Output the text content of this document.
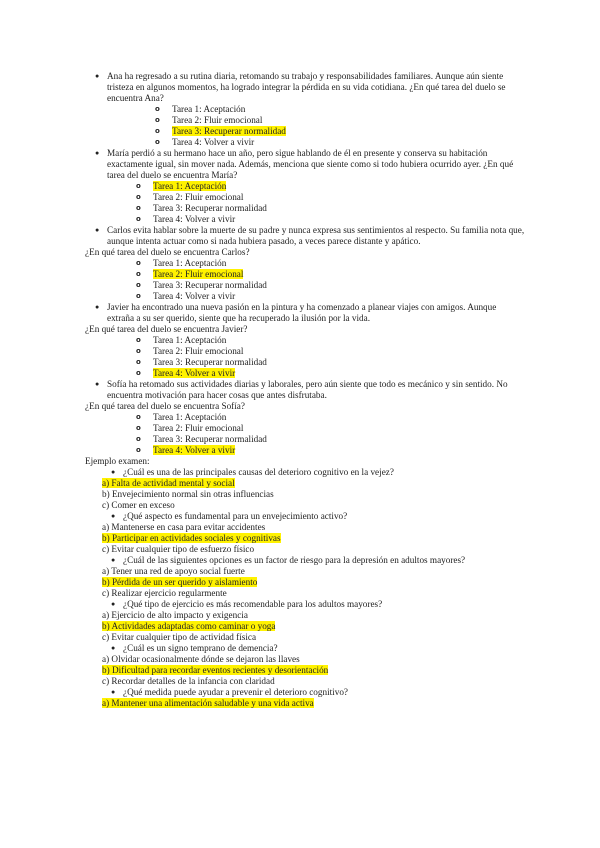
● Ana ha regresado a su rutina diaria, retomando su trabajo y responsabilidades familiares. Aunque aún siente tristeza en algunos momentos, ha logrado integrar la pérdida en su vida cotidiana. ¿En qué tarea del duelo se encuentra Ana?
o Tarea 1: Aceptación
o Tarea 2: Fluir emocional
o Tarea 3: Recuperar normalidad
o Tarea 4: Volver a vivir
● María perdió a su hermano hace un año, pero sigue hablando de él en presente y conserva su habitación exactamente igual, sin mover nada. Además, menciona que siente como si todo hubiera ocurrido ayer. ¿En qué tarea del duelo se encuentra María?
o Tarea 1: Aceptación
o Tarea 2: Fluir emocional
o Tarea 3: Recuperar normalidad
o Tarea 4: Volver a vivir
● Carlos evita hablar sobre la muerte de su padre y nunca expresa sus sentimientos al respecto. Su familia nota que, aunque intenta actuar como si nada hubiera pasado, a veces parece distante y apático.
¿En qué tarea del duelo se encuentra Carlos?
o Tarea 1: Aceptación
o Tarea 2: Fluir emocional
o Tarea 3: Recuperar normalidad
o Tarea 4: Volver a vivir
● Javier ha encontrado una nueva pasión en la pintura y ha comenzado a planear viajes con amigos. Aunque extraña a su ser querido, siente que ha recuperado la ilusión por la vida.
¿En qué tarea del duelo se encuentra Javier?
o Tarea 1: Aceptación
o Tarea 2: Fluir emocional
o Tarea 3: Recuperar normalidad
o Tarea 4: Volver a vivir
● Sofía ha retomado sus actividades diarias y laborales, pero aún siente que todo es mecánico y sin sentido. No encuentra motivación para hacer cosas que antes disfrutaba.
¿En qué tarea del duelo se encuentra Sofía?
o Tarea 1: Aceptación
o Tarea 2: Fluir emocional
o Tarea 3: Recuperar normalidad
o Tarea 4: Volver a vivir
Ejemplo examen:
● ¿Cuál es una de las principales causas del deterioro cognitivo en la vejez?
a) Falta de actividad mental y social
b) Envejecimiento normal sin otras influencias
c) Comer en exceso
● ¿Qué aspecto es fundamental para un envejecimiento activo?
a) Mantenerse en casa para evitar accidentes
b) Participar en actividades sociales y cognitivas
c) Evitar cualquier tipo de esfuerzo físico
● ¿Cuál de las siguientes opciones es un factor de riesgo para la depresión en adultos mayores?
a) Tener una red de apoyo social fuerte
b) Pérdida de un ser querido y aislamiento
c) Realizar ejercicio regularmente
● ¿Qué tipo de ejercicio es más recomendable para los adultos mayores?
a) Ejercicio de alto impacto y exigencia
b) Actividades adaptadas como caminar o yoga
c) Evitar cualquier tipo de actividad física
● ¿Cuál es un signo temprano de demencia?
a) Olvidar ocasionalmente dónde se dejaron las llaves
b) Dificultad para recordar eventos recientes y desorientación
c) Recordar detalles de la infancia con claridad
● ¿Qué medida puede ayudar a prevenir el deterioro cognitivo?
a) Mantener una alimentación saludable y una vida activa
